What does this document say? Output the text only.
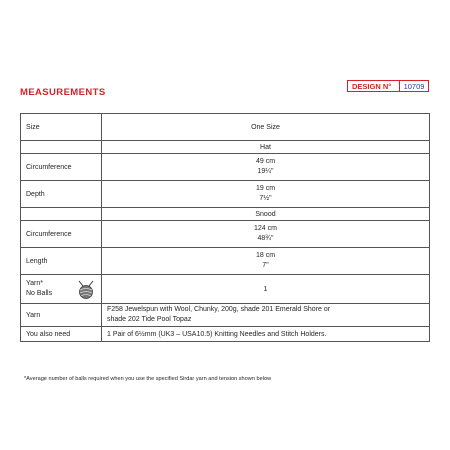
MEASUREMENTS
DESIGN N°	10709
Size	One Size
	Hat
Circumference	49 cm
19¼"

Depth	19 cm
7½"

	Snood
Circumference	124 cm
48¾"

Length	18 cm
7"

Yarn*
No Balls	1
Yarn	F258 Jewelspun with Wool, Chunky, 200g, shade 201 Emerald Shore or
shade 202 Tide Pool Topaz

You also need	1 Pair of 6½mm (UK3 – USA10.5) Knitting Needles and Stitch Holders.
*Average number of balls required when you use the specified Sirdar yarn and tension shown below
